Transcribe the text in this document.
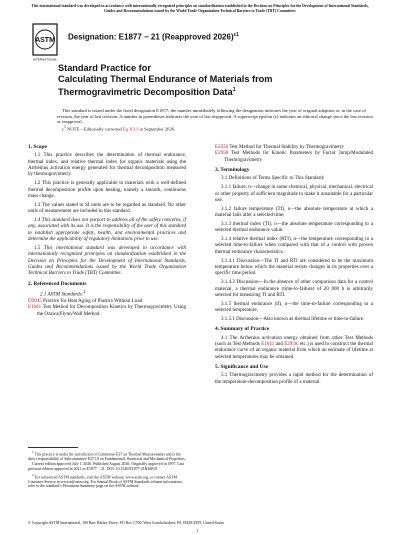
This international standard was developed in accordance with internationally recognized principles on standardization established in the Decision on Principles for the Development of International Standards, Guides and Recommendations issued by the World Trade Organization Technical Barriers to Trade (TBT) Committee.
ASTM
INTERNATIONAL
Designation: E1877 − 21 (Reapproved 2026)$^{\varepsilon 1}$
Standard Practice for
Calculating Thermal Endurance of Materials from
Thermogravimetric Decomposition Data$^1$

This standard is issued under the fixed designation E1877; the number immediately following the designation indicates the year of original adoption or, in the case of revision, the year of last revision. A number in parentheses indicates the year of last reapproval. A superscript epsilon (ε) indicates an editorial change since the last revision or reapproval.

$\varepsilon^1$ NOTE—Editorially corrected Eq X3.1 in September 2026.

1. Scope

1.1 This practice describes the determination of thermal endurance, thermal index, and relative thermal index for organic materials using the Arrhenius activation energy generated for thermal decomposition measured by thermogravimetry.

1.2 This practice is generally applicable to materials with a well-defined thermal decomposition profile upon heating, namely a smooth, continuous mass change.

1.3 The values stated in SI units are to be regarded as standard. No other units of measurement are included in this standard.

1.4 This standard does not purport to address all of the safety concerns, if any, associated with its use. It is the responsibility of the user of this standard to establish appropriate safety, health, and environmental practices and determine the applicability of regulatory limitations prior to use.

1.5 This international standard was developed in accordance with internationally recognized principles on standardization established in the Decision on Principles for the Development of International Standards, Guides and Recommendations issued by the World Trade Organization Technical Barriers to Trade (TBT) Committee.

2. Referenced Documents

2.1 ASTM Standards:$^2$

D3045 Practice for Heat Aging of Plastics Without Load

E1641 Test Method for Decomposition Kinetics by Thermogravimetry Using the Ozawa/Flynn/Wall Method

$^1$ This practice is under the jurisdiction of Committee E37 on Thermal Measurements and is the direct responsibility of Subcommittee E37.10 on Fundamental, Statistical and Mechanical Properties.

Current edition approved July 1, 2026. Published August 2026. Originally approved in 1997. Last previous edition approved in 2021 as E1877 − 21. DOI: 10.1520/E1877-21R26E01

$^2$ For referenced ASTM standards, visit the ASTM website, www.astm.org, or contact ASTM Customer Service at service@astm.org. For Annual Book of ASTM Standards volume information, refer to the standard’s Document Summary page on the ASTM website.

E2550 Test Method for Thermal Stability by Thermogravimetry

E2958 Test Methods for Kinetic Parameters by Factor Jump/Modulated Thermogravimetry

3. Terminology

3.1 Definitions of Terms Specific to This Standard:

3.1.1 failure, n—change in some chemical, physical, mechanical, electrical or other property of sufficient magnitude to make it unsuitable for a particular use.

3.1.2 failure temperature (Tf), n—the absolute temperature at which a material fails after a selected time.

3.1.3 thermal index (TI), n—the absolute temperature corresponding to a selected thermal endurance value.

3.1.4 relative thermal index (RTI), n—the temperature corresponding to a selected time-to-failure when compared with that of a control with proven thermal endurance characteristics.

3.1.4.1 Discussion—The TI and RTI are considered to be the maximum temperature below which the material resists changes in its properties over a specific time period.

3.1.4.2 Discussion—In the absence of other comparison data for a control material, a thermal endurance (time-to-failure) of 20 000 h is arbitrarily selected for measuring TI and RTI.

3.1.5 thermal endurance (tf), n—the time-to-failure corresponding to a selected temperature.

3.1.5.1 Discussion—Also known as thermal lifetime or time-to-failure.

4. Summary of Practice

4.1 The Arrhenius activation energy obtained from other Test Methods (such as Test Methods E1641 and E2958, etc.) is used to construct the thermal endurance curve of an organic material from which an estimate of lifetime at selected temperatures may be obtained.

5. Significance and Use

5.1 Thermogravimetry provides a rapid method for the determination of the temperature-decomposition profile of a material.

© Copyright ASTM International, 100 Barr Harbor Drive, PO Box C700, West Conshohocken, PA 19428-2959. United States
1
